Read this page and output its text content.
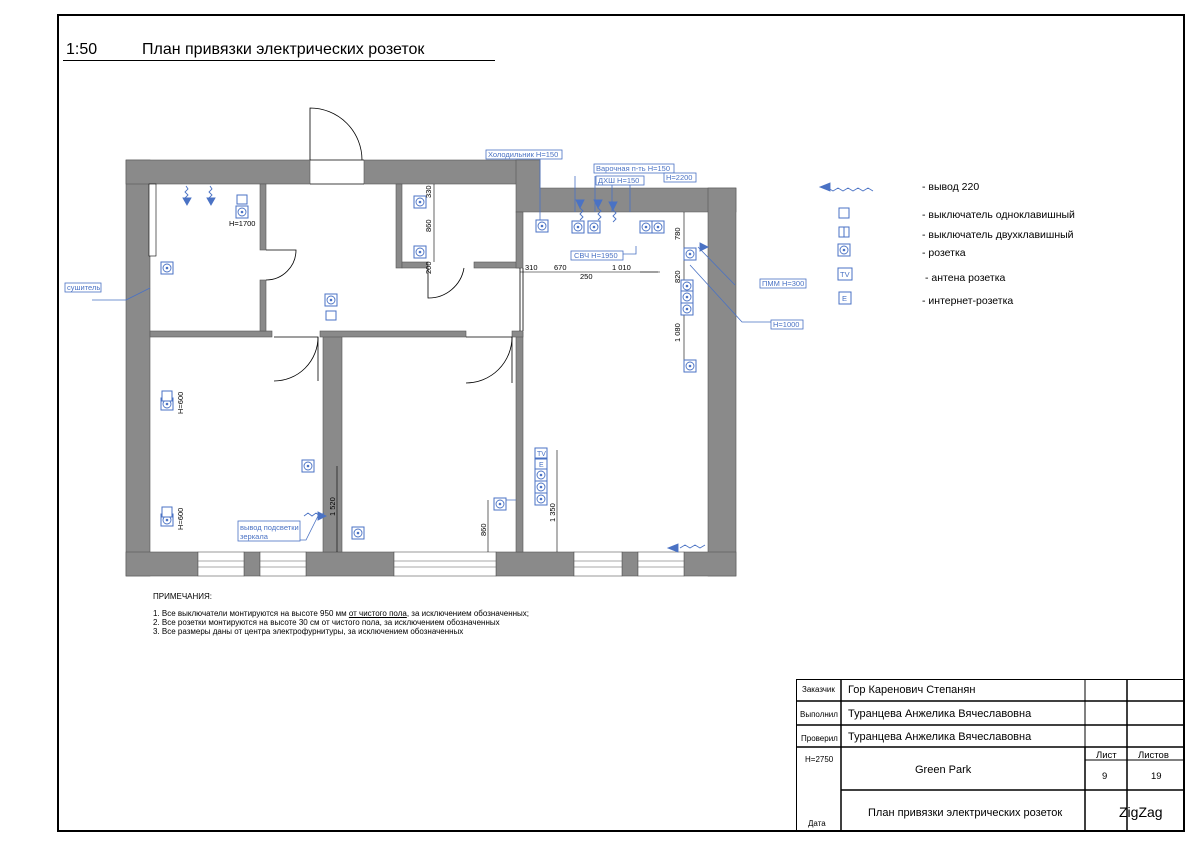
1:50	План привязки электрических розеток
Холодильник Н=150
Варочная п-ть Н=150
ДХШ Н=150	Н=2200
СВЧ Н=1950
ПММ Н=300
Н=1000
сушитель
вывод подсветки
зеркала
TV
E
Н=1700
Н=600
Н=600
330
860
200	310 670
250
1 010
780
820
1 080
1 520
860
1 350
TV
E
- вывод 220
- выключатель одноклавишный
- выключатель двухклавишный
- розетка
- антена розетка
- интернет-розетка
ПРИМЕЧАНИЯ:
1. Все выключатели монтируются на высоте 950 мм от чистого пола, за исключением обозначенных;
2. Все розетки монтируются на высоте 30 см от чистого пола, за исключением обозначенных
3. Все размеры даны от центра электрофурнитуры, за исключением обозначенных
Заказчик Гор Каренович Степанян
Выполнил Туранцева Анжелика Вячеславовна
Проверил Туранцева Анжелика Вячеславовна
Н=2750
Green Park
Лист Листов
9	19
Дата
План привязки электрических розеток	ZigZag
